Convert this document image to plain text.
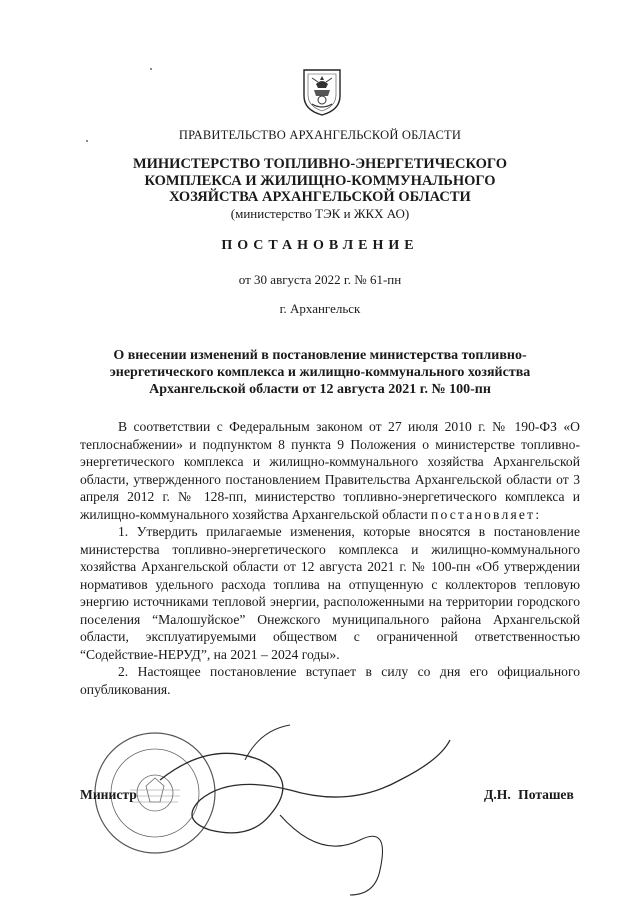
ПРАВИТЕЛЬСТВО АРХАНГЕЛЬСКОЙ ОБЛАСТИ
МИНИСТЕРСТВО ТОПЛИВНО-ЭНЕРГЕТИЧЕСКОГО
КОМПЛЕКСА И ЖИЛИЩНО-КОММУНАЛЬНОГО
ХОЗЯЙСТВА АРХАНГЕЛЬСКОЙ ОБЛАСТИ
(министерство ТЭК и ЖКХ АО)
ПОСТАНОВЛЕНИЕ
от 30 августа 2022 г. № 61-пн
г. Архангельск
О внесении изменений в постановление министерства топливно-
энергетического комплекса и жилищно-коммунального хозяйства
Архангельской области от 12 августа 2021 г. № 100-пн

В соответствии с Федеральным законом от 27 июля 2010 г. № 190-ФЗ «О теплоснабжении» и подпунктом 8 пункта 9 Положения о министерстве топливно-энергетического комплекса и жилищно-коммунального хозяйства Архангельской области, утвержденного постановлением Правительства Архангельской области от 3 апреля 2012 г. № 128-пп, министерство топливно-энергетического комплекса и жилищно-коммунального хозяйства Архангельской области постановляет:

1. Утвердить прилагаемые изменения, которые вносятся в постановление министерства топливно-энергетического комплекса и жилищно-коммунального хозяйства Архангельской области от 12 августа 2021 г. № 100-пн «Об утверждении нормативов удельного расхода топлива на отпущенную с коллекторов тепловую энергию источниками тепловой энергии, расположенными на территории городского поселения “Малошуйское” Онежского муниципального района Архангельской области, эксплуатируемыми обществом с ограниченной ответственностью “Содействие-НЕРУД”, на 2021 – 2024 годы».

2. Настоящее постановление вступает в силу со дня его официального опубликования.

Министр	Д.Н. Поташев
